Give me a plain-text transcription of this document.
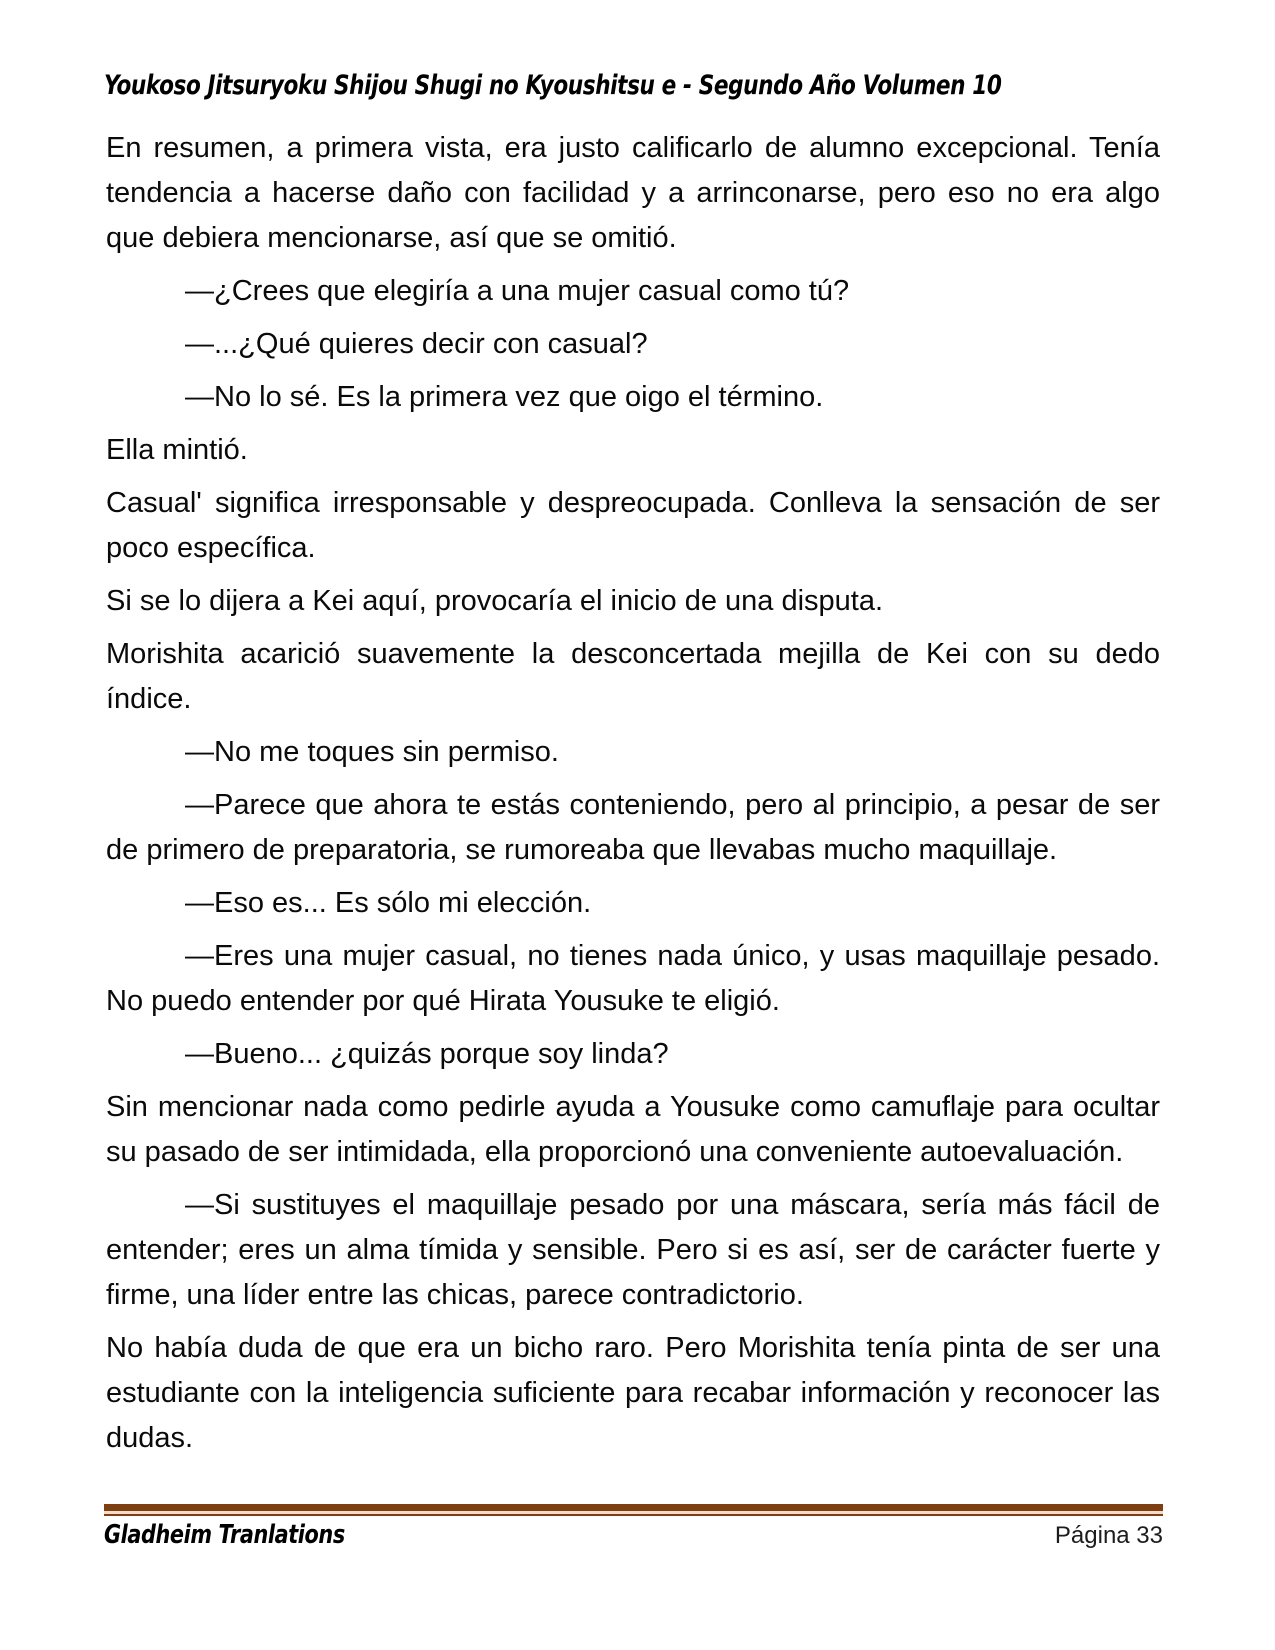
Youkoso Jitsuryoku Shijou Shugi no Kyoushitsu e - Segundo Año Volumen 10

En resumen, a primera vista, era justo calificarlo de alumno excepcional. Tenía tendencia a hacerse daño con facilidad y a arrinconarse, pero eso no era algo que debiera mencionarse, así que se omitió.

—¿Crees que elegiría a una mujer casual como tú?

—...¿Qué quieres decir con casual?

—No lo sé. Es la primera vez que oigo el término.

Ella mintió.

Casual' significa irresponsable y despreocupada. Conlleva la sensación de ser poco específica.

Si se lo dijera a Kei aquí, provocaría el inicio de una disputa.

Morishita acarició suavemente la desconcertada mejilla de Kei con su dedo índice.

—No me toques sin permiso.

—Parece que ahora te estás conteniendo, pero al principio, a pesar de ser de primero de preparatoria, se rumoreaba que llevabas mucho maquillaje.

—Eso es... Es sólo mi elección.

—Eres una mujer casual, no tienes nada único, y usas maquillaje pesado. No puedo entender por qué Hirata Yousuke te eligió.

—Bueno... ¿quizás porque soy linda?

Sin mencionar nada como pedirle ayuda a Yousuke como camuflaje para ocultar su pasado de ser intimidada, ella proporcionó una conveniente autoevaluación.

—Si sustituyes el maquillaje pesado por una máscara, sería más fácil de entender; eres un alma tímida y sensible. Pero si es así, ser de carácter fuerte y firme, una líder entre las chicas, parece contradictorio.

No había duda de que era un bicho raro. Pero Morishita tenía pinta de ser una estudiante con la inteligencia suficiente para recabar información y reconocer las dudas.

Gladheim Tranlations	Página 33
